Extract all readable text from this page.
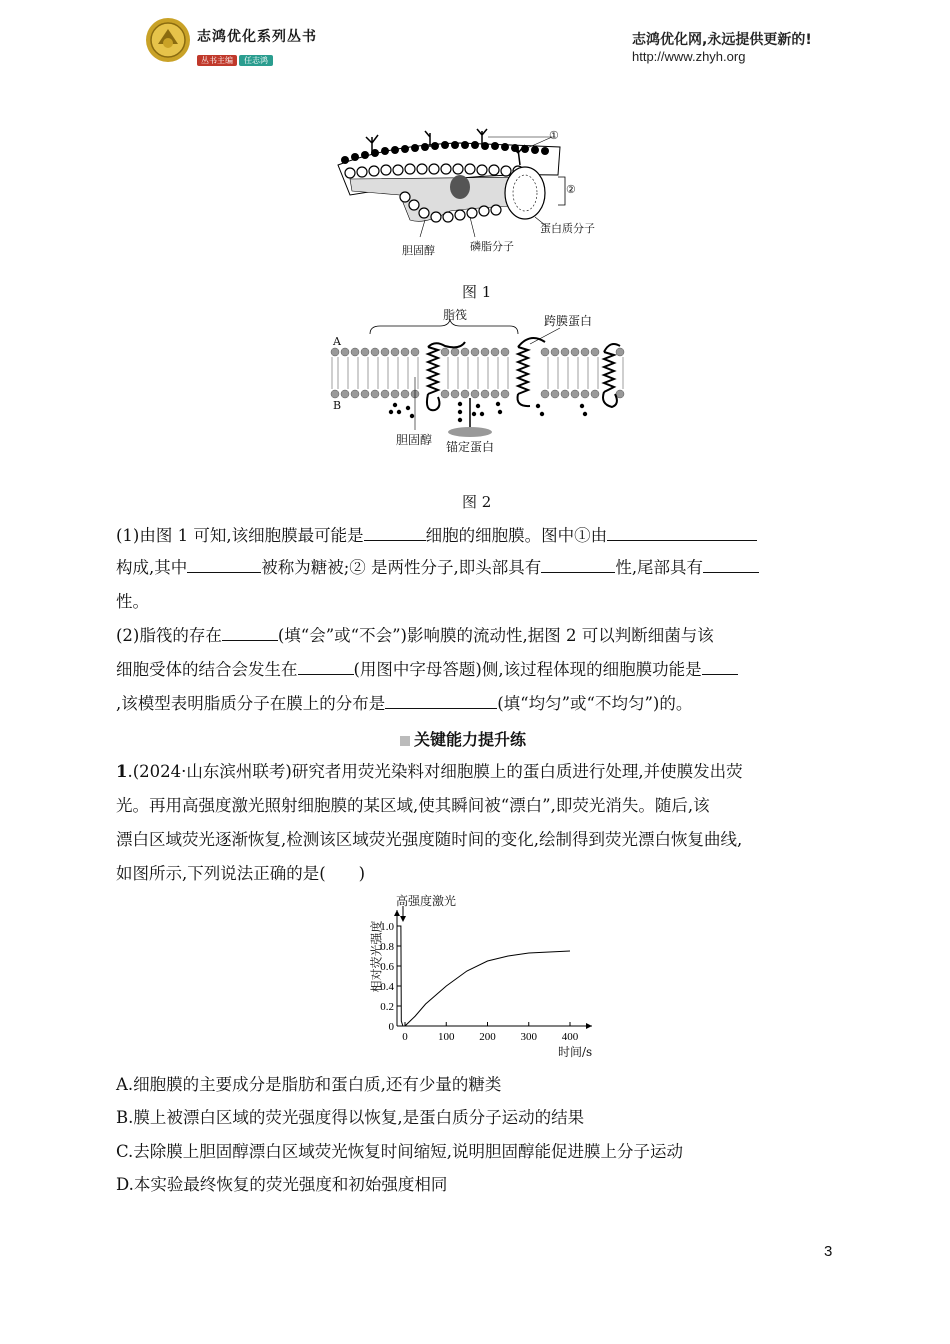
志鸿优化系列丛书
丛书主编 任志鸿
志鸿优化网,永远提供更新的!
http://www.zhyh.org
①
②
蛋白质分子
胆固醇	磷脂分子
图 1
脂筏	跨膜蛋白
A
B
胆固醇 锚定蛋白
图 2
(1)由图 1 可知,该细胞膜最可能是	细胞的细胞膜。图中①由
构成,其中	被称为糖被;② 是两性分子,即头部具有	性,尾部具有
性。
(2)脂筏的存在	(填“会”或“不会”)影响膜的流动性,据图 2 可以判断细菌与该
细胞受体的结合会发生在	(用图中字母答题)侧,该过程体现的细胞膜功能是
,该模型表明脂质分子在膜上的分布是	(填“均匀”或“不均匀”)的。
关键能力提升练
1.(2024·山东滨州联考)研究者用荧光染料对细胞膜上的蛋白质进行处理,并使膜发出荧
光。再用高强度激光照射细胞膜的某区域,使其瞬间被“漂白”,即荧光消失。随后,该
漂白区域荧光逐渐恢复,检测该区域荧光强度随时间的变化,绘制得到荧光漂白恢复曲线,
如图所示,下列说法正确的是(　　)
0
0.2
0.4
0.6
0.8
1.0
0	100 200 300 400
高强度激光
时间/s
相对荧光强度
A.细胞膜的主要成分是脂肪和蛋白质,还有少量的糖类
B.膜上被漂白区域的荧光强度得以恢复,是蛋白质分子运动的结果
C.去除膜上胆固醇漂白区域荧光恢复时间缩短,说明胆固醇能促进膜上分子运动
D.本实验最终恢复的荧光强度和初始强度相同
3
